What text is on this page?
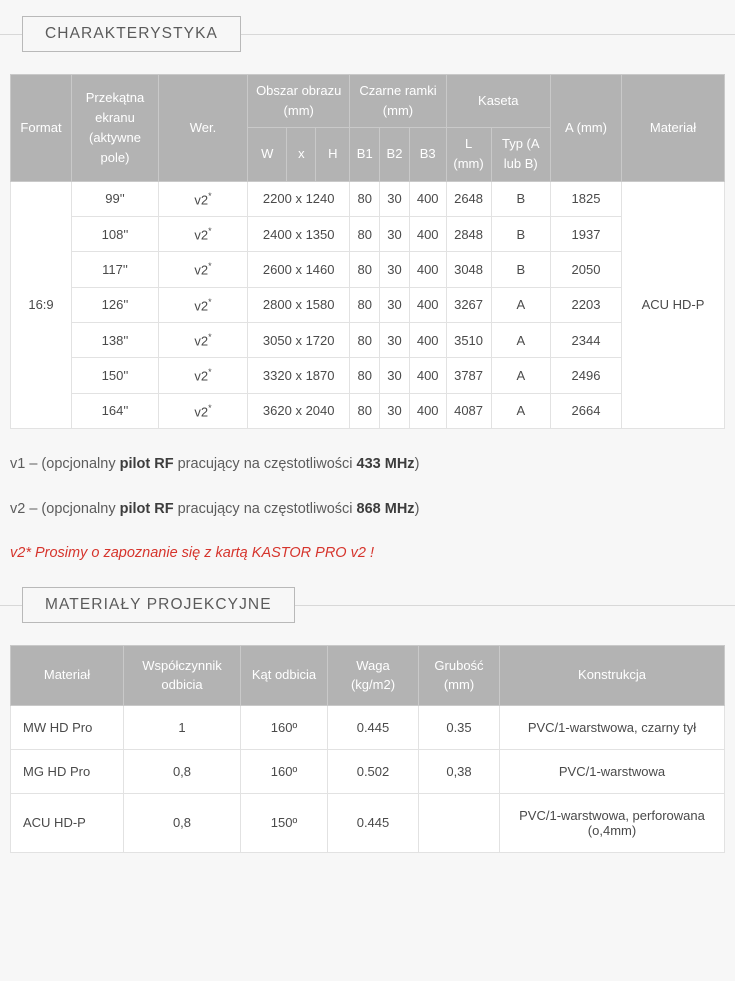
CHARAKTERYSTYKA
Format	Przekątna ekranu (aktywne pole)	Wer.	Obszar obrazu (mm)			Czarne ramki (mm)			Kaseta		A (mm)	Materiał
			W	x	H	B1	B2	B3	L (mm)	Typ (A lub B)		
16:9	99''	v2*	2200 x 1240			80	30	400	2648	B	1825	ACU HD-P
	108''	v2*	2400 x 1350			80	30	400	2848	B	1937	
	117''	v2*	2600 x 1460			80	30	400	3048	B	2050	
	126''	v2*	2800 x 1580			80	30	400	3267	A	2203	
	138''	v2*	3050 x 1720			80	30	400	3510	A	2344	
	150''	v2*	3320 x 1870			80	30	400	3787	A	2496	
	164''	v2*	3620 x 2040			80	30	400	4087	A	2664	

v1 – (opcjonalny pilot RF pracujący na częstotliwości 433 MHz)

v2 – (opcjonalny pilot RF pracujący na częstotliwości 868 MHz)

v2* Prosimy o zapoznanie się z kartą KASTOR PRO v2 !

MATERIAŁY PROJEKCYJNE
Materiał	Współczynnik odbicia	Kąt odbicia	Waga (kg/m2)	Grubość (mm)	Konstrukcja
MW HD Pro	1	160º	0.445	0.35	PVC/1-warstwowa, czarny tył
MG HD Pro	0,8	160º	0.502	0,38	PVC/1-warstwowa
ACU HD-P	0,8	150º	0.445		PVC/1-warstwowa, perforowana (o,4mm)
